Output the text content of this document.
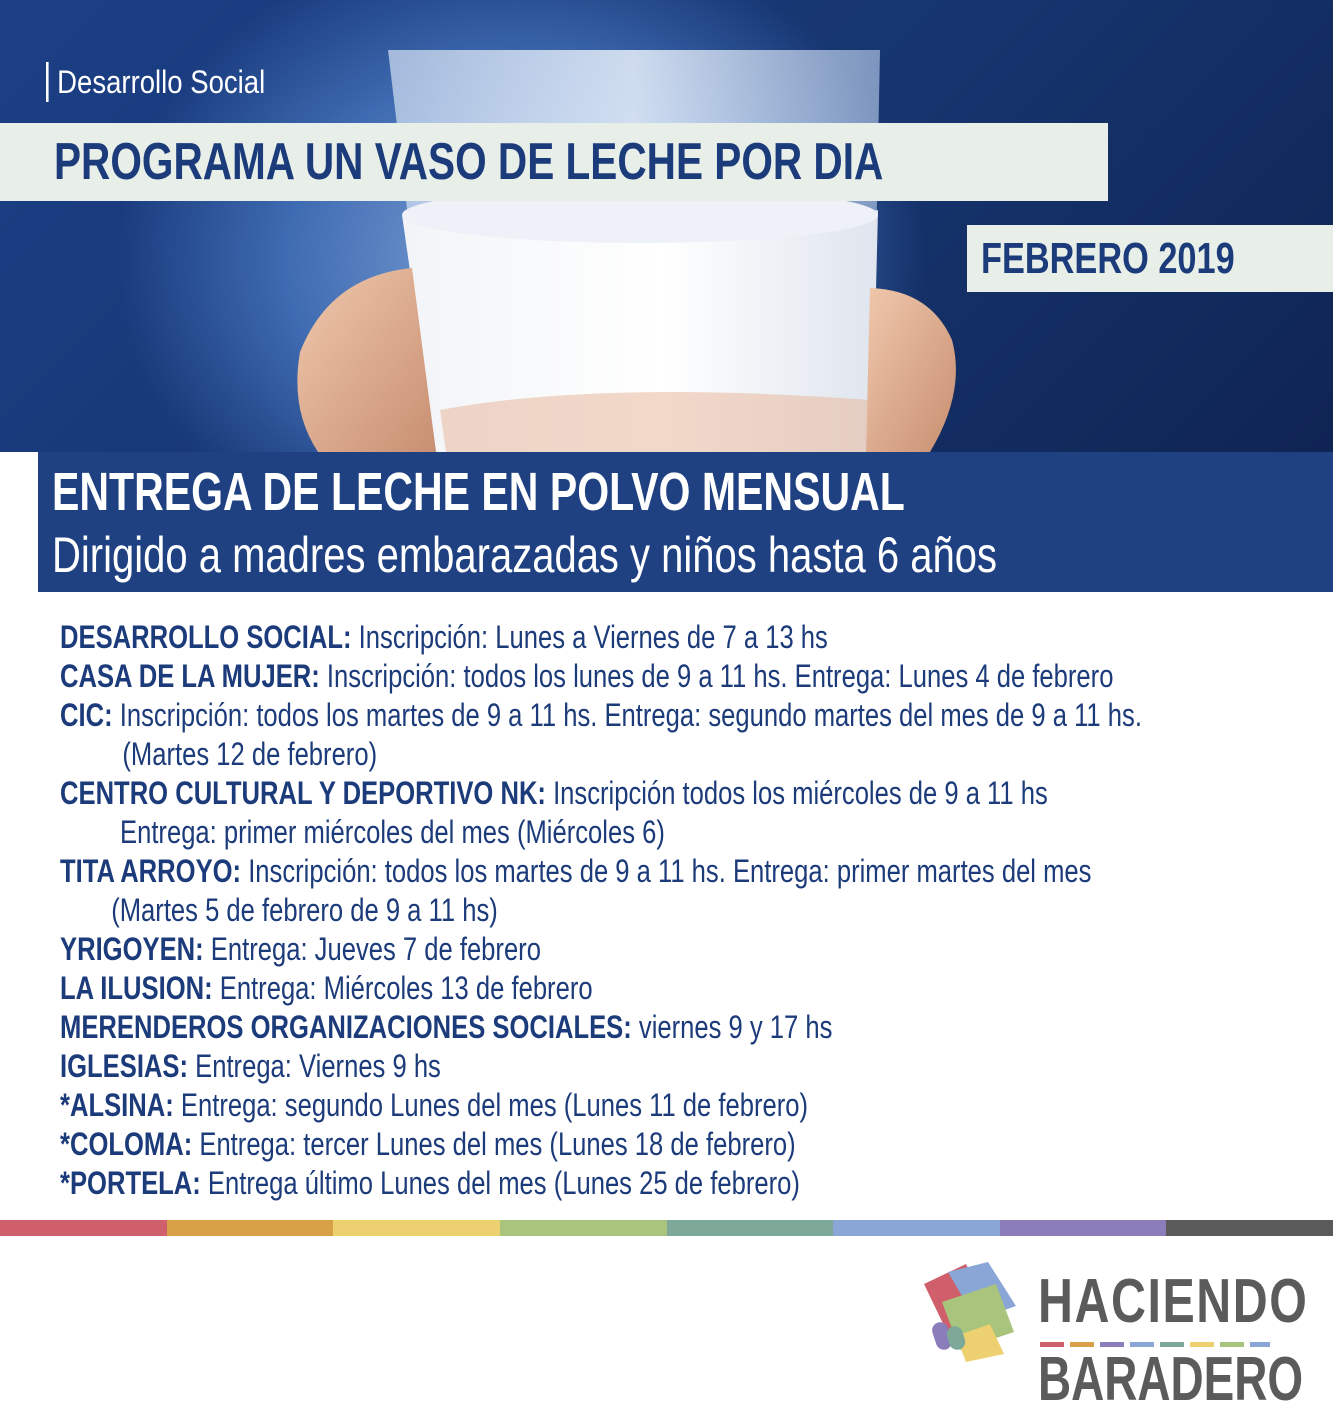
Desarrollo Social
PROGRAMA UN VASO DE LECHE POR DIA
FEBRERO 2019
ENTREGA DE LECHE EN POLVO MENSUAL
Dirigido a madres embarazadas y niños hasta 6 años
DESARROLLO SOCIAL: Inscripción: Lunes a Viernes de 7 a 13 hs
CASA DE LA MUJER: Inscripción: todos los lunes de 9 a 11 hs. Entrega: Lunes 4 de febrero
CIC: Inscripción: todos los martes de 9 a 11 hs. Entrega: segundo martes del mes de 9 a 11 hs.
(Martes 12 de febrero)
CENTRO CULTURAL Y DEPORTIVO NK: Inscripción todos los miércoles de 9 a 11 hs
Entrega: primer miércoles del mes (Miércoles 6)
TITA ARROYO: Inscripción: todos los martes de 9 a 11 hs. Entrega: primer martes del mes
(Martes 5 de febrero de 9 a 11 hs)
YRIGOYEN: Entrega: Jueves 7 de febrero
LA ILUSION: Entrega: Miércoles 13 de febrero
MERENDEROS ORGANIZACIONES SOCIALES: viernes 9 y 17 hs
IGLESIAS: Entrega: Viernes 9 hs
*ALSINA: Entrega: segundo Lunes del mes (Lunes 11 de febrero)
*COLOMA: Entrega: tercer Lunes del mes (Lunes 18 de febrero)
*PORTELA: Entrega último Lunes del mes (Lunes 25 de febrero)
HACIENDO
BARADERO
